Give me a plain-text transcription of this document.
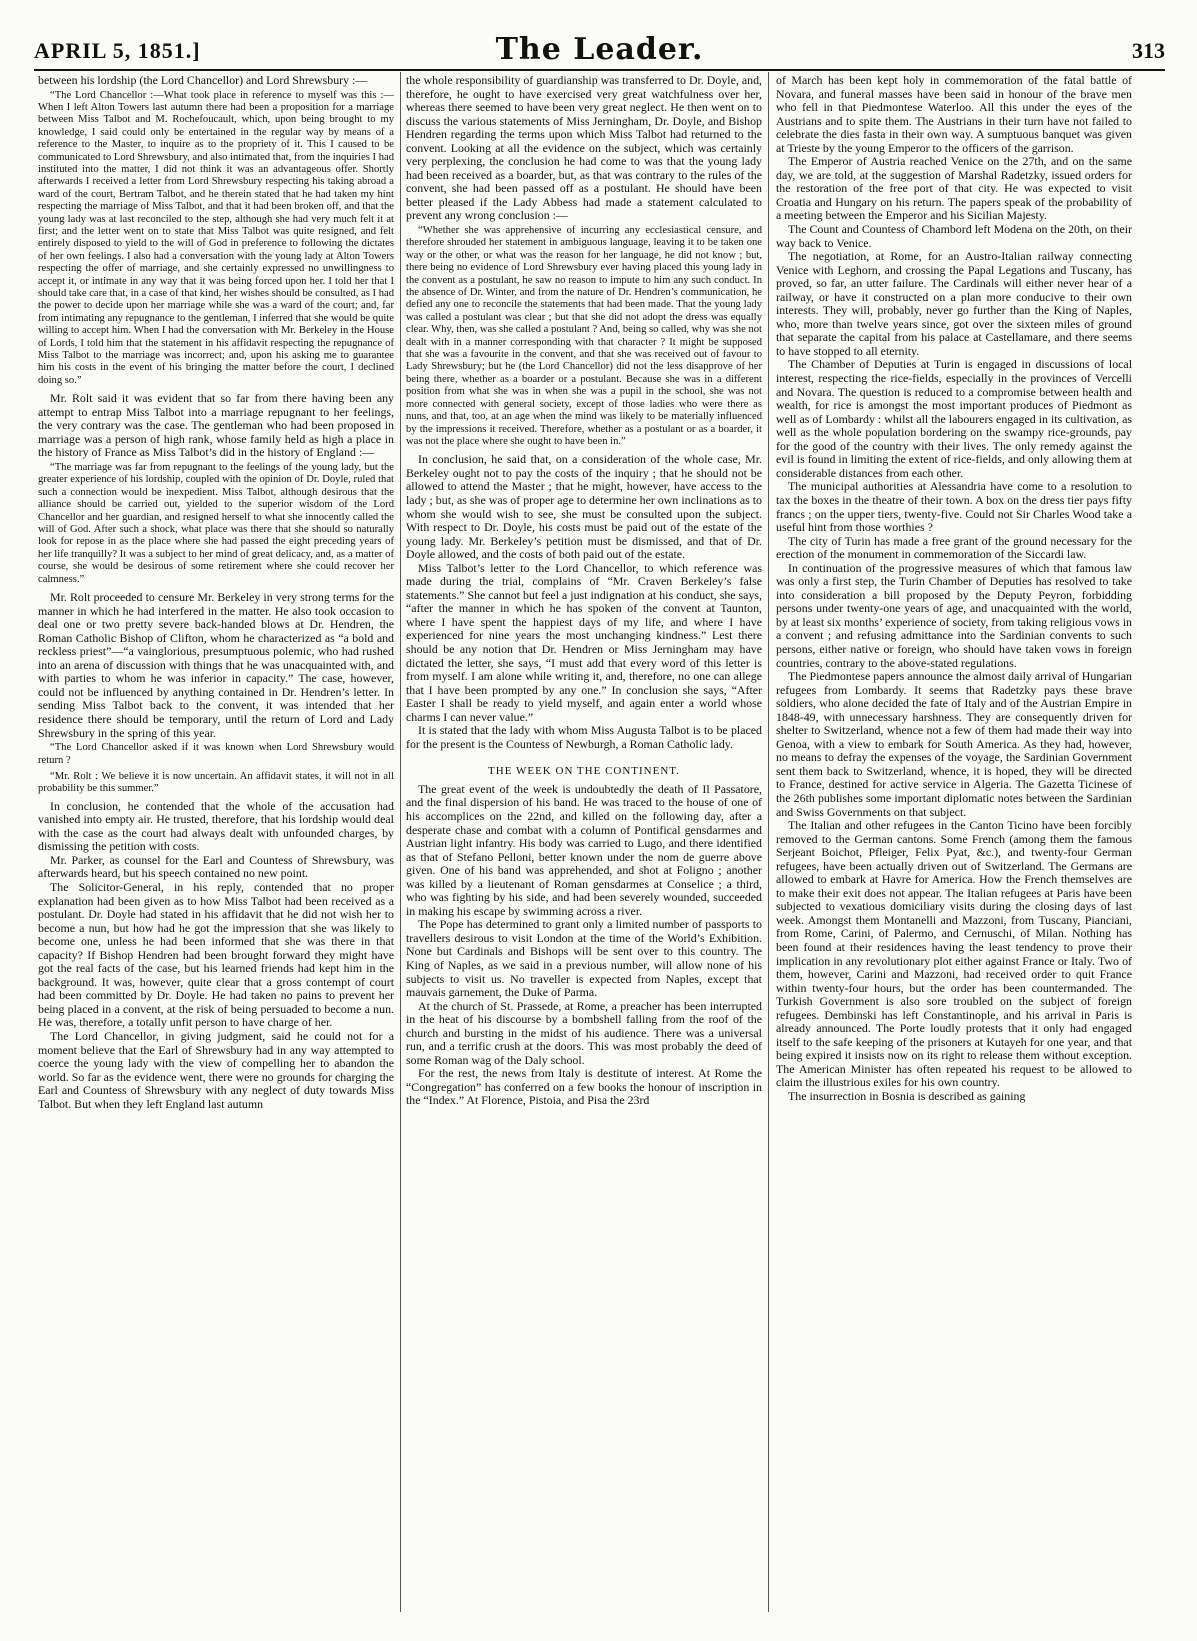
APRIL 5, 1851.]	The Leader.	313

between his lordship (the Lord Chancellor) and Lord Shrewsbury :—

“The Lord Chancellor :—What took place in reference to myself was this :—When I left Alton Towers last autumn there had been a proposition for a marriage between Miss Talbot and M. Rochefoucault, which, upon being brought to my knowledge, I said could only be entertained in the regular way by means of a reference to the Master, to inquire as to the propriety of it. This I caused to be communicated to Lord Shrewsbury, and also intimated that, from the inquiries I had instituted into the matter, I did not think it was an advantageous offer. Shortly afterwards I received a letter from Lord Shrewsbury respecting his taking abroad a ward of the court, Bertram Talbot, and he therein stated that he had taken my hint respecting the marriage of Miss Talbot, and that it had been broken off, and that the young lady was at last reconciled to the step, although she had very much felt it at first; and the letter went on to state that Miss Talbot was quite resigned, and felt entirely disposed to yield to the will of God in preference to following the dictates of her own feelings. I also had a conversation with the young lady at Alton Towers respecting the offer of marriage, and she certainly expressed no unwillingness to accept it, or intimate in any way that it was being forced upon her. I told her that I should take care that, in a case of that kind, her wishes should be consulted, as I had the power to decide upon her marriage while she was a ward of the court; and, far from intimating any repugnance to the gentleman, I inferred that she would be quite willing to accept him. When I had the conversation with Mr. Berkeley in the House of Lords, I told him that the statement in his affidavit respecting the repugnance of Miss Talbot to the marriage was incorrect; and, upon his asking me to guarantee him his costs in the event of his bringing the matter before the court, I declined doing so.”

Mr. Rolt said it was evident that so far from there having been any attempt to entrap Miss Talbot into a marriage repugnant to her feelings, the very contrary was the case. The gentleman who had been proposed in marriage was a person of high rank, whose family held as high a place in the history of France as Miss Talbot’s did in the history of England :—

“The marriage was far from repugnant to the feelings of the young lady, but the greater experience of his lordship, coupled with the opinion of Dr. Doyle, ruled that such a connection would be inexpedient. Miss Talbot, although desirous that the alliance should be carried out, yielded to the superior wisdom of the Lord Chancellor and her guardian, and resigned herself to what she innocently called the will of God. After such a shock, what place was there that she should so naturally look for repose in as the place where she had passed the eight preceding years of her life tranquilly? It was a subject to her mind of great delicacy, and, as a matter of course, she would be desirous of some retirement where she could recover her calmness.”

Mr. Rolt proceeded to censure Mr. Berkeley in very strong terms for the manner in which he had interfered in the matter. He also took occasion to deal one or two pretty severe back-handed blows at Dr. Hendren, the Roman Catholic Bishop of Clifton, whom he characterized as “a bold and reckless priest”—“a vainglorious, presumptuous polemic, who had rushed into an arena of discussion with things that he was unacquainted with, and with parties to whom he was inferior in capacity.” The case, however, could not be influenced by anything contained in Dr. Hendren’s letter. In sending Miss Talbot back to the convent, it was intended that her residence there should be temporary, until the return of Lord and Lady Shrewsbury in the spring of this year.

“The Lord Chancellor asked if it was known when Lord Shrewsbury would return ?

“Mr. Rolt : We believe it is now uncertain. An affidavit states, it will not in all probability be this summer.”

In conclusion, he contended that the whole of the accusation had vanished into empty air. He trusted, therefore, that his lordship would deal with the case as the court had always dealt with unfounded charges, by dismissing the petition with costs.

Mr. Parker, as counsel for the Earl and Countess of Shrewsbury, was afterwards heard, but his speech contained no new point.

The Solicitor-General, in his reply, contended that no proper explanation had been given as to how Miss Talbot had been received as a postulant. Dr. Doyle had stated in his affidavit that he did not wish her to become a nun, but how had he got the impression that she was likely to become one, unless he had been informed that she was there in that capacity? If Bishop Hendren had been brought forward they might have got the real facts of the case, but his learned friends had kept him in the background. It was, however, quite clear that a gross contempt of court had been committed by Dr. Doyle. He had taken no pains to prevent her being placed in a convent, at the risk of being persuaded to become a nun. He was, therefore, a totally unfit person to have charge of her.

The Lord Chancellor, in giving judgment, said he could not for a moment believe that the Earl of Shrewsbury had in any way attempted to coerce the young lady with the view of compelling her to abandon the world. So far as the evidence went, there were no grounds for charging the Earl and Countess of Shrewsbury with any neglect of duty towards Miss Talbot. But when they left England last autumn

the whole responsibility of guardianship was transferred to Dr. Doyle, and, therefore, he ought to have exercised very great watchfulness over her, whereas there seemed to have been very great neglect. He then went on to discuss the various statements of Miss Jerningham, Dr. Doyle, and Bishop Hendren regarding the terms upon which Miss Talbot had returned to the convent. Looking at all the evidence on the subject, which was certainly very perplexing, the conclusion he had come to was that the young lady had been received as a boarder, but, as that was contrary to the rules of the convent, she had been passed off as a postulant. He should have been better pleased if the Lady Abbess had made a statement calculated to prevent any wrong conclusion :—

“Whether she was apprehensive of incurring any ecclesiastical censure, and therefore shrouded her statement in ambiguous language, leaving it to be taken one way or the other, or what was the reason for her language, he did not know ; but, there being no evidence of Lord Shrewsbury ever having placed this young lady in the convent as a postulant, he saw no reason to impute to him any such conduct. In the absence of Dr. Winter, and from the nature of Dr. Hendren’s communication, he defied any one to reconcile the statements that had been made. That the young lady was called a postulant was clear ; but that she did not adopt the dress was equally clear. Why, then, was she called a postulant ? And, being so called, why was she not dealt with in a manner corresponding with that character ? It might be supposed that she was a favourite in the convent, and that she was received out of favour to Lady Shrewsbury; but he (the Lord Chancellor) did not the less disapprove of her being there, whether as a boarder or a postulant. Because she was in a different position from what she was in when she was a pupil in the school, she was not more connected with general society, except of those ladies who were there as nuns, and that, too, at an age when the mind was likely to be materially influenced by the impressions it received. Therefore, whether as a postulant or as a boarder, it was not the place where she ought to have been in.”

In conclusion, he said that, on a consideration of the whole case, Mr. Berkeley ought not to pay the costs of the inquiry ; that he should not be allowed to attend the Master ; that he might, however, have access to the lady ; but, as she was of proper age to determine her own inclinations as to whom she would wish to see, she must be consulted upon the subject. With respect to Dr. Doyle, his costs must be paid out of the estate of the young lady. Mr. Berkeley’s petition must be dismissed, and that of Dr. Doyle allowed, and the costs of both paid out of the estate.

Miss Talbot’s letter to the Lord Chancellor, to which reference was made during the trial, complains of “Mr. Craven Berkeley’s false statements.” She cannot but feel a just indignation at his conduct, she says, “after the manner in which he has spoken of the convent at Taunton, where I have spent the happiest days of my life, and where I have experienced for nine years the most unchanging kindness.” Lest there should be any notion that Dr. Hendren or Miss Jerningham may have dictated the letter, she says, “I must add that every word of this letter is from myself. I am alone while writing it, and, therefore, no one can allege that I have been prompted by any one.” In conclusion she says, “After Easter I shall be ready to yield myself, and again enter a world whose charms I can never value.”

It is stated that the lady with whom Miss Augusta Talbot is to be placed for the present is the Countess of Newburgh, a Roman Catholic lady.

THE WEEK ON THE CONTINENT.

The great event of the week is undoubtedly the death of Il Passatore, and the final dispersion of his band. He was traced to the house of one of his accomplices on the 22nd, and killed on the following day, after a desperate chase and combat with a column of Pontifical gensdarmes and Austrian light infantry. His body was carried to Lugo, and there identified as that of Stefano Pelloni, better known under the nom de guerre above given. One of his band was apprehended, and shot at Foligno ; another was killed by a lieutenant of Roman gensdarmes at Conselice ; a third, who was fighting by his side, and had been severely wounded, succeeded in making his escape by swimming across a river.

The Pope has determined to grant only a limited number of passports to travellers desirous to visit London at the time of the World’s Exhibition. None but Cardinals and Bishops will be sent over to this country. The King of Naples, as we said in a previous number, will allow none of his subjects to visit us. No traveller is expected from Naples, except that mauvais garnement, the Duke of Parma.

At the church of St. Prassede, at Rome, a preacher has been interrupted in the heat of his discourse by a bombshell falling from the roof of the church and bursting in the midst of his audience. There was a universal run, and a terrific crush at the doors. This was most probably the deed of some Roman wag of the Daly school.

For the rest, the news from Italy is destitute of interest. At Rome the “Congregation” has conferred on a few books the honour of inscription in the “Index.” At Florence, Pistoia, and Pisa the 23rd

of March has been kept holy in commemoration of the fatal battle of Novara, and funeral masses have been said in honour of the brave men who fell in that Piedmontese Waterloo. All this under the eyes of the Austrians and to spite them. The Austrians in their turn have not failed to celebrate the dies fasta in their own way. A sumptuous banquet was given at Trieste by the young Emperor to the officers of the garrison.

The Emperor of Austria reached Venice on the 27th, and on the same day, we are told, at the suggestion of Marshal Radetzky, issued orders for the restoration of the free port of that city. He was expected to visit Croatia and Hungary on his return. The papers speak of the probability of a meeting between the Emperor and his Sicilian Majesty.

The Count and Countess of Chambord left Modena on the 20th, on their way back to Venice.

The negotiation, at Rome, for an Austro-Italian railway connecting Venice with Leghorn, and crossing the Papal Legations and Tuscany, has proved, so far, an utter failure. The Cardinals will either never hear of a railway, or have it constructed on a plan more conducive to their own interests. They will, probably, never go further than the King of Naples, who, more than twelve years since, got over the sixteen miles of ground that separate the capital from his palace at Castellamare, and there seems to have stopped to all eternity.

The Chamber of Deputies at Turin is engaged in discussions of local interest, respecting the rice-fields, especially in the provinces of Vercelli and Novara. The question is reduced to a compromise between health and wealth, for rice is amongst the most important produces of Piedmont as well as of Lombardy : whilst all the labourers engaged in its cultivation, as well as the whole population bordering on the swampy rice-grounds, pay for the good of the country with their lives. The only remedy against the evil is found in limiting the extent of rice-fields, and only allowing them at considerable distances from each other.

The municipal authorities at Alessandria have come to a resolution to tax the boxes in the theatre of their town. A box on the dress tier pays fifty francs ; on the upper tiers, twenty-five. Could not Sir Charles Wood take a useful hint from those worthies ?

The city of Turin has made a free grant of the ground necessary for the erection of the monument in commemoration of the Siccardi law.

In continuation of the progressive measures of which that famous law was only a first step, the Turin Chamber of Deputies has resolved to take into consideration a bill proposed by the Deputy Peyron, forbidding persons under twenty-one years of age, and unacquainted with the world, by at least six months’ experience of society, from taking religious vows in a convent ; and refusing admittance into the Sardinian convents to such persons, either native or foreign, who should have taken vows in foreign countries, contrary to the above-stated regulations.

The Piedmontese papers announce the almost daily arrival of Hungarian refugees from Lombardy. It seems that Radetzky pays these brave soldiers, who alone decided the fate of Italy and of the Austrian Empire in 1848-49, with unnecessary harshness. They are consequently driven for shelter to Switzerland, whence not a few of them had made their way into Genoa, with a view to embark for South America. As they had, however, no means to defray the expenses of the voyage, the Sardinian Government sent them back to Switzerland, whence, it is hoped, they will be directed to France, destined for active service in Algeria. The Gazetta Ticinese of the 26th publishes some important diplomatic notes between the Sardinian and Swiss Governments on that subject.

The Italian and other refugees in the Canton Ticino have been forcibly removed to the German cantons. Some French (among them the famous Serjeant Boichot, Pfleiger, Felix Pyat, &c.), and twenty-four German refugees, have been actually driven out of Switzerland. The Germans are allowed to embark at Havre for America. How the French themselves are to make their exit does not appear. The Italian refugees at Paris have been subjected to vexatious domiciliary visits during the closing days of last week. Amongst them Montanelli and Mazzoni, from Tuscany, Pianciani, from Rome, Carini, of Palermo, and Cernuschi, of Milan. Nothing has been found at their residences having the least tendency to prove their implication in any revolutionary plot either against France or Italy. Two of them, however, Carini and Mazzoni, had received order to quit France within twenty-four hours, but the order has been countermanded. The Turkish Government is also sore troubled on the subject of foreign refugees. Dembinski has left Constantinople, and his arrival in Paris is already announced. The Porte loudly protests that it only had engaged itself to the safe keeping of the prisoners at Kutayeh for one year, and that being expired it insists now on its right to release them without exception. The American Minister has often repeated his request to be allowed to claim the illustrious exiles for his own country.

The insurrection in Bosnia is described as gaining
